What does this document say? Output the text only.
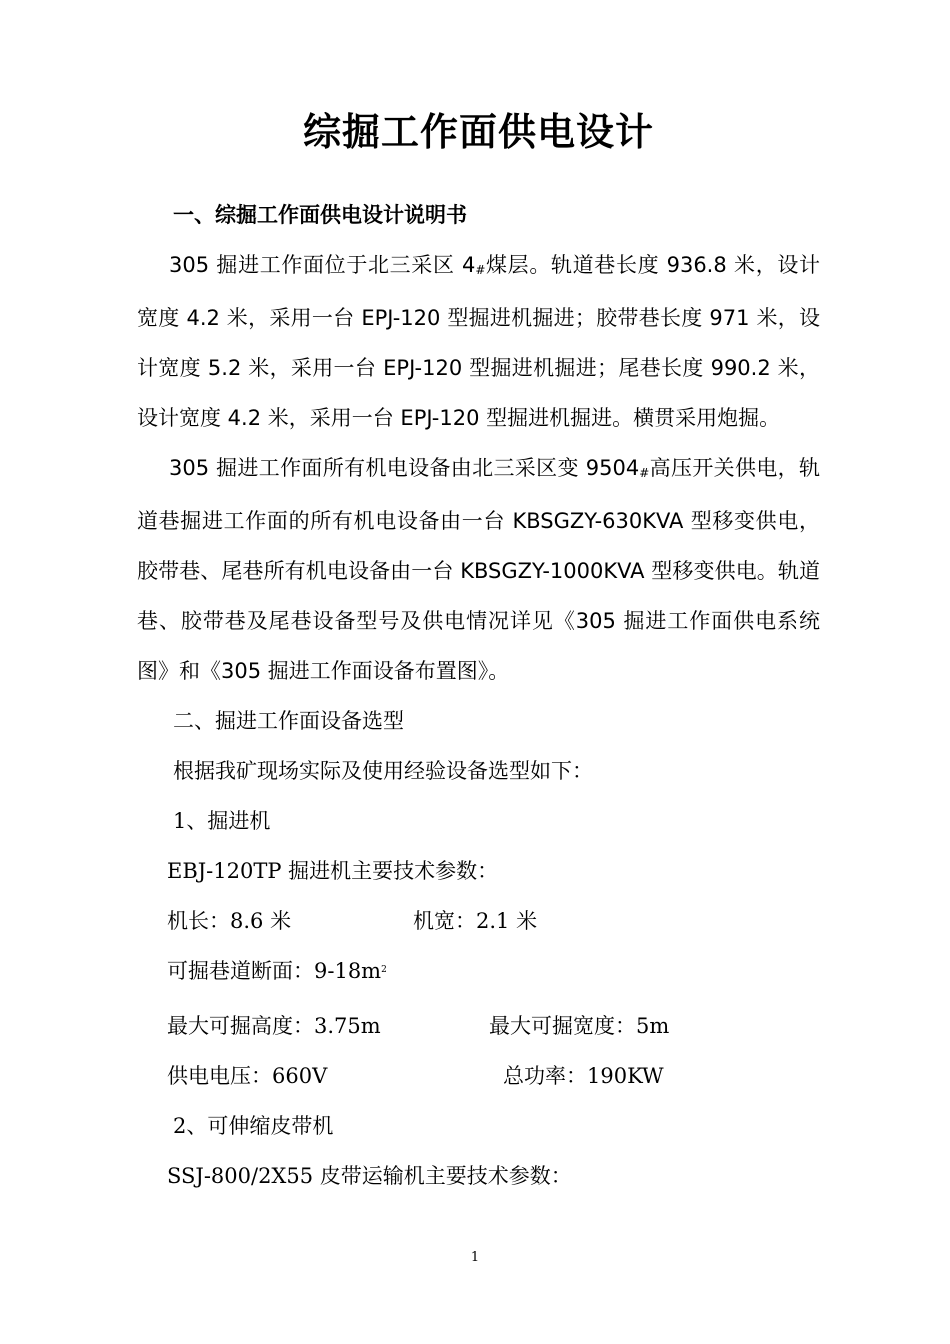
综掘工作面供电设计
一、综掘工作面供电设计说明书

305 掘进工作面位于北三采区 $4_{\#}$煤层。轨道巷长度 936.8 米，设计宽度 4.2 米，采用一台 EPJ-120 型掘进机掘进；胶带巷长度 971 米，设计宽度 5.2 米，采用一台 EPJ-120 型掘进机掘进；尾巷长度 990.2 米，设计宽度 4.2 米，采用一台 EPJ-120 型掘进机掘进。横贯采用炮掘。

305 掘进工作面所有机电设备由北三采区变 $9504_{\#}$高压开关供电，轨道巷掘进工作面的所有机电设备由一台 KBSGZY-630KVA 型移变供电，胶带巷、尾巷所有机电设备由一台 KBSGZY-1000KVA 型移变供电。轨道巷、胶带巷及尾巷设备型号及供电情况详见《305 掘进工作面供电系统图》和《305 掘进工作面设备布置图》。

二、掘进工作面设备选型

根据我矿现场实际及使用经验设备选型如下：

1、掘进机

EBJ-120TP 掘进机主要技术参数：

机长：8.6 米	机宽：2.1 米

可掘巷道断面：$9-18m^2$

最大可掘高度：3.75m	最大可掘宽度：5m
供电电压：660V	总功率：190KW

2、可伸缩皮带机

SSJ-800/2X55 皮带运输机主要技术参数：

1
